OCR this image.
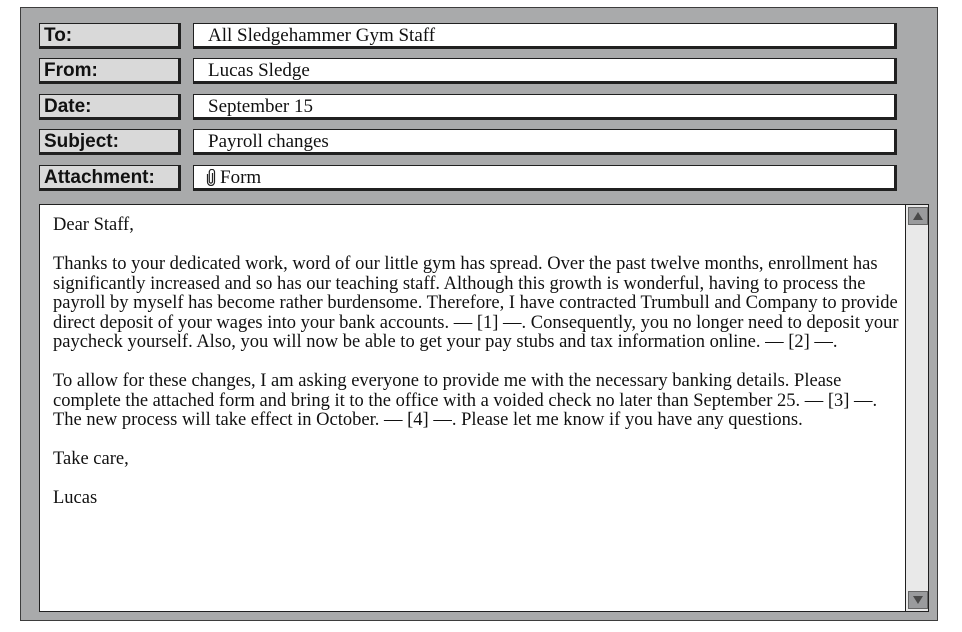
To:	All Sledgehammer Gym Staff
From:	Lucas Sledge
Date:	September 15
Subject:	Payroll changes
Attachment:	Form

Dear Staff,

Thanks to your dedicated work, word of our little gym has spread. Over the past twelve months, enrollment has significantly increased and so has our teaching staff. Although this growth is wonderful, having to process the payroll by myself has become rather burdensome. Therefore, I have contracted Trumbull and Company to provide direct deposit of your wages into your bank accounts. — [1] —. Consequently, you no longer need to deposit your paycheck yourself. Also, you will now be able to get your pay stubs and tax information online. — [2] —.

To allow for these changes, I am asking everyone to provide me with the necessary banking details. Please complete the attached form and bring it to the office with a voided check no later than September 25. — [3] —. The new process will take effect in October. — [4] —. Please let me know if you have any questions.

Take care,

Lucas
